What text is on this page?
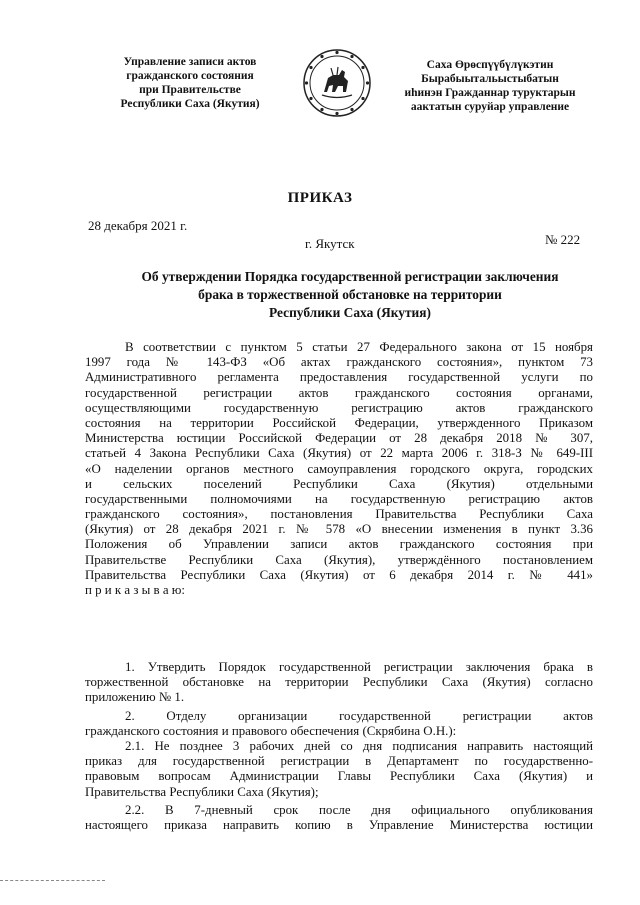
Управление записи актов
гражданского состояния
при Правительстве
Республики Саха (Якутия)
Саха Өрөспүүбүлүкэтин
Бырабыытальыстыбатын
иһинэн Гражданнар туруктарын
аактатын суруйар управление
ПРИКАЗ
28 декабря 2021 г.
г. Якутск	№ 222
Об утверждении Порядка государственной регистрации заключения
брака в торжественной обстановке на территории
Республики Саха (Якутия)
В соответствии с пунктом 5 статьи 27 Федерального закона от 15 ноября
1997 года № 143-ФЗ «Об актах гражданского состояния», пунктом 73
Административного регламента предоставления государственной услуги по
государственной регистрации актов гражданского состояния органами,
осуществляющими государственную регистрацию актов гражданского
состояния на территории Российской Федерации, утвержденного Приказом
Министерства юстиции Российской Федерации от 28 декабря 2018 № 307,
статьей 4 Закона Республики Саха (Якутия) от 22 марта 2006 г. 318-З № 649-III
«О наделении органов местного самоуправления городского округа, городских
и сельских поселений Республики Саха (Якутия) отдельными
государственными полномочиями на государственную регистрацию актов
гражданского состояния», постановления Правительства Республики Саха
(Якутия) от 28 декабря 2021 г. № 578 «О внесении изменения в пункт 3.36
Положения об Управлении записи актов гражданского состояния при
Правительстве Республики Саха (Якутия), утверждённого постановлением
Правительства Республики Саха (Якутия) от 6 декабря 2014 г. № 441»
п р и к а з ы в а ю:
1. Утвердить Порядок государственной регистрации заключения брака в
торжественной обстановке на территории Республики Саха (Якутия) согласно
приложению № 1.
2. Отделу организации государственной регистрации актов
гражданского состояния и правового обеспечения (Скрябина О.Н.):
2.1. Не позднее 3 рабочих дней со дня подписания направить настоящий
приказ для государственной регистрации в Департамент по государственно-
правовым вопросам Администрации Главы Республики Саха (Якутия) и
Правительства Республики Саха (Якутия);
2.2. В 7-дневный срок после дня официального опубликования
настоящего приказа направить копию в Управление Министерства юстиции
